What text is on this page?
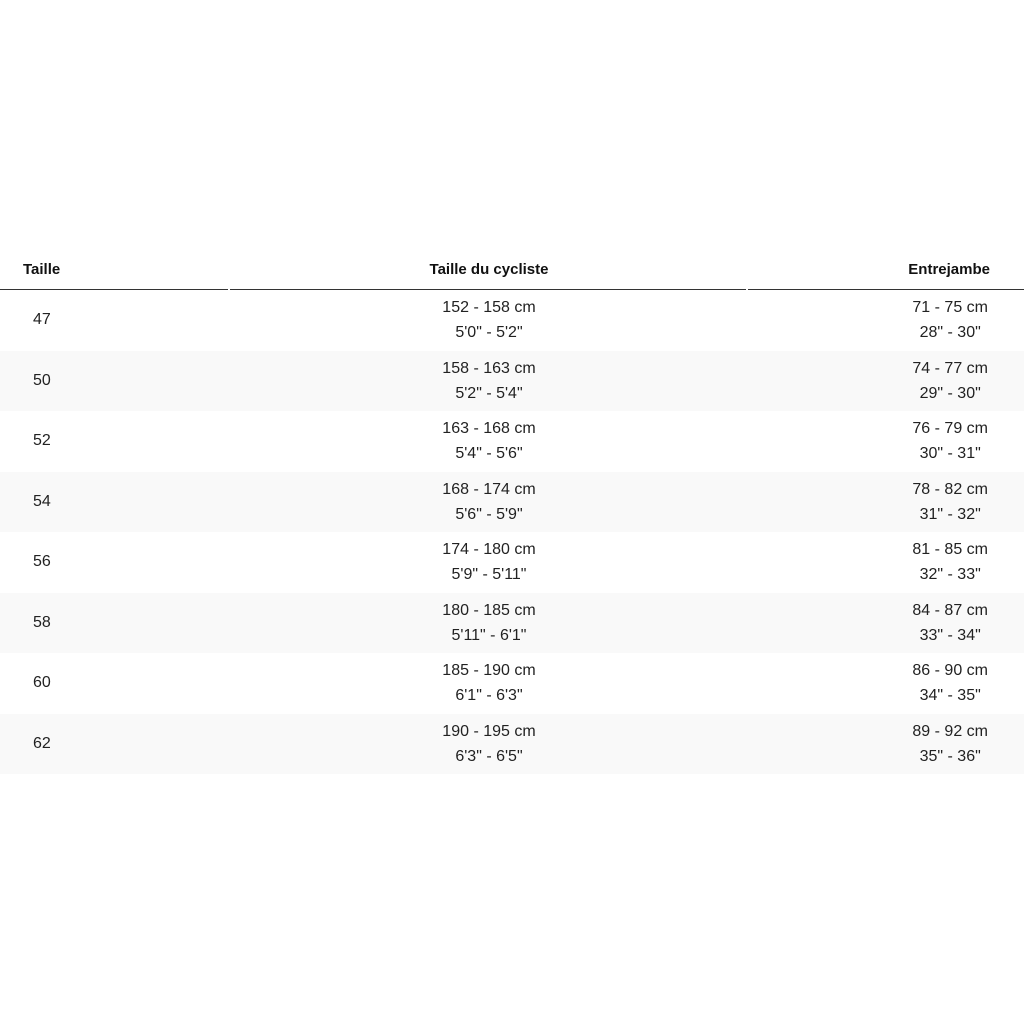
Taille	Taille du cycliste	Entrejambe
47
152 - 158 cm
5'0" - 5'2"
71 - 75 cm
28" - 30"
50
158 - 163 cm
5'2" - 5'4"
74 - 77 cm
29" - 30"
52
163 - 168 cm
5'4" - 5'6"
76 - 79 cm
30" - 31"
54
168 - 174 cm
5'6" - 5'9"
78 - 82 cm
31" - 32"
56
174 - 180 cm
5'9" - 5'11"
81 - 85 cm
32" - 33"
58
180 - 185 cm
5'11" - 6'1"
84 - 87 cm
33" - 34"
60
185 - 190 cm
6'1" - 6'3"
86 - 90 cm
34" - 35"
62
190 - 195 cm
6'3" - 6'5"
89 - 92 cm
35" - 36"
